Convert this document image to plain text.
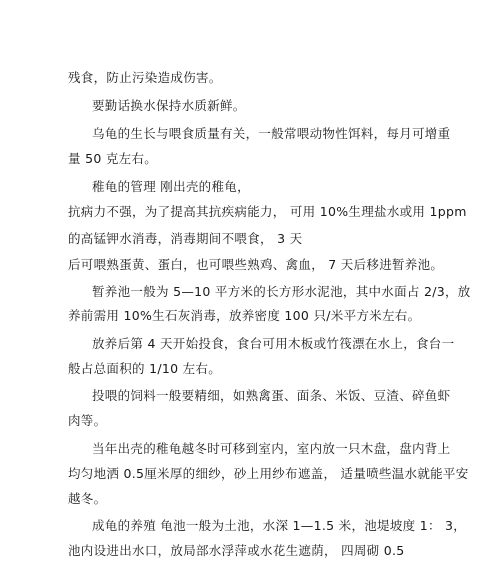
残食，防止污染造成伤害。
要勤话换水保持水质新鲜。
乌龟的生长与喂食质量有关，一般常喂动物性饵料，每月可增重
量 50 克左右。
稚龟的管理 刚出壳的稚龟，
抗病力不强，为了提高其抗疾病能力， 可用 10%生理盐水或用 1ppm
的高锰钾水消毒，消毒期间不喂食， 3 天
后可喂熟蛋黄、蛋白，也可喂些熟鸡、禽血， 7 天后移进暂养池。
暂养池一般为 5—10 平方米的长方形水泥池，其中水面占 2/3，放
养前需用 10%生石灰消毒，放养密度 100 只/米平方米左右。
放养后第 4 天开始投食，食台可用木板或竹筏漂在水上，食台一
般占总面积的 1/10 左右。
投喂的饲料一般要精细，如熟禽蛋、面条、米饭、豆渣、碎鱼虾
肉等。
当年出壳的稚龟越冬时可移到室内，室内放一只木盘，盘内背上
均匀地洒 0.5厘米厚的细纱，砂上用纱布遮盖， 适量喷些温水就能平安
越冬。
成龟的养殖 龟池一般为土池，水深 1—1.5 米，池堤坡度 1： 3，
池内设进出水口，放局部水浮萍或水花生遮荫， 四周砌 0.5
